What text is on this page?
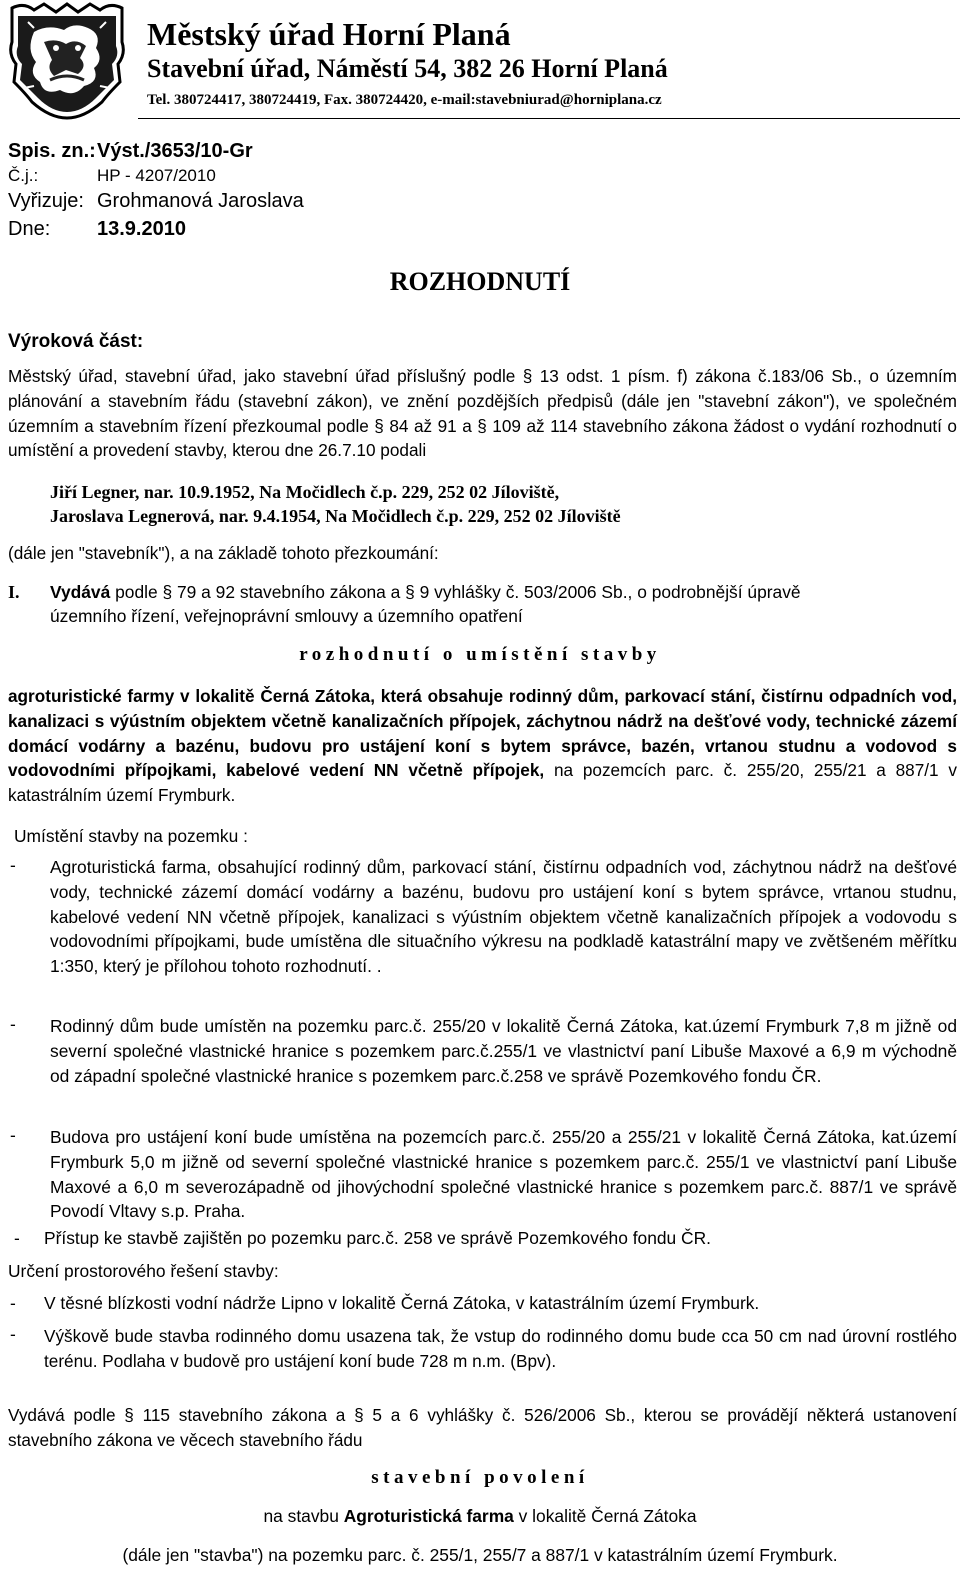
Městský úřad Horní Planá
Stavební úřad, Náměstí 54, 382 26 Horní Planá
Tel. 380724417, 380724419, Fax. 380724420, e-mail:stavebniurad@horniplana.cz
Spis. zn.: Výst./3653/10-Gr
Č.j.:	HP - 4207/2010
Vyřizuje: Grohmanová Jaroslava
Dne: 13.9.2010
ROZHODNUTÍ
Výroková část:
Městský úřad, stavební úřad, jako stavební úřad příslušný podle § 13 odst. 1 písm. f) zákona č.183/06 Sb., o územním plánování a stavebním řádu (stavební zákon), ve znění pozdějších předpisů (dále jen "stavební zákon"), ve společném územním a stavebním řízení přezkoumal podle § 84 až 91 a § 109 až 114 stavebního zákona žádost o vydání rozhodnutí o umístění a provedení stavby, kterou dne 26.7.10 podali
Jiří Legner, nar. 10.9.1952, Na Močidlech č.p. 229, 252 02 Jíloviště,
Jaroslava Legnerová, nar. 9.4.1954, Na Močidlech č.p. 229, 252 02 Jíloviště
(dále jen "stavebník"), a na základě tohoto přezkoumání:
I. Vydává podle § 79 a 92 stavebního zákona a § 9 vyhlášky č. 503/2006 Sb., o podrobnější úpravě
územního řízení, veřejnoprávní smlouvy a územního opatření
rozhodnutí o umístění stavby
agroturistické farmy v lokalitě Černá Zátoka, která obsahuje rodinný dům, parkovací stání, čistírnu odpadních vod, kanalizaci s výústním objektem včetně kanalizačních přípojek, záchytnou nádrž na dešťové vody, technické zázemí domácí vodárny a bazénu, budovu pro ustájení koní s bytem správce, bazén, vrtanou studnu a vodovod s vodovodními přípojkami, kabelové vedení NN včetně přípojek, na pozemcích parc. č. 255/20, 255/21 a 887/1 v katastrálním území Frymburk.
Umístění stavby na pozemku :
- Agroturistická farma, obsahující rodinný dům, parkovací stání, čistírnu odpadních vod, záchytnou nádrž na dešťové vody, technické zázemí domácí vodárny a bazénu, budovu pro ustájení koní s bytem správce, vrtanou studnu, kabelové vedení NN včetně přípojek, kanalizaci s výústním objektem včetně kanalizačních přípojek a vodovodu s vodovodními přípojkami, bude umístěna dle situačního výkresu na podkladě katastrální mapy ve zvětšeném měřítku 1:350, který je přílohou tohoto rozhodnutí. .
- Rodinný dům bude umístěn na pozemku parc.č. 255/20 v lokalitě Černá Zátoka, kat.území Frymburk 7,8 m jižně od severní společné vlastnické hranice s pozemkem parc.č.255/1 ve vlastnictví paní Libuše Maxové a 6,9 m východně od západní společné vlastnické hranice s pozemkem parc.č.258 ve správě Pozemkového fondu ČR.
- Budova pro ustájení koní bude umístěna na pozemcích parc.č. 255/20 a 255/21 v lokalitě Černá Zátoka, kat.území Frymburk 5,0 m jižně od severní společné vlastnické hranice s pozemkem parc.č. 255/1 ve vlastnictví paní Libuše Maxové a 6,0 m severozápadně od jihovýchodní společné vlastnické hranice s pozemkem parc.č. 887/1 ve správě Povodí Vltavy s.p. Praha.
- Přístup ke stavbě zajištěn po pozemku parc.č. 258 ve správě Pozemkového fondu ČR.
Určení prostorového řešení stavby:
- V těsné blízkosti vodní nádrže Lipno v lokalitě Černá Zátoka, v katastrálním území Frymburk.
- Výškově bude stavba rodinného domu usazena tak, že vstup do rodinného domu bude cca 50 cm nad úrovní rostlého terénu. Podlaha v budově pro ustájení koní bude 728 m n.m. (Bpv).
Vydává podle § 115 stavebního zákona a § 5 a 6 vyhlášky č. 526/2006 Sb., kterou se provádějí některá ustanovení stavebního zákona ve věcech stavebního řádu
stavební povolení
na stavbu Agroturistická farma v lokalitě Černá Zátoka
(dále jen "stavba") na pozemku parc. č. 255/1, 255/7 a 887/1 v katastrálním území Frymburk.
